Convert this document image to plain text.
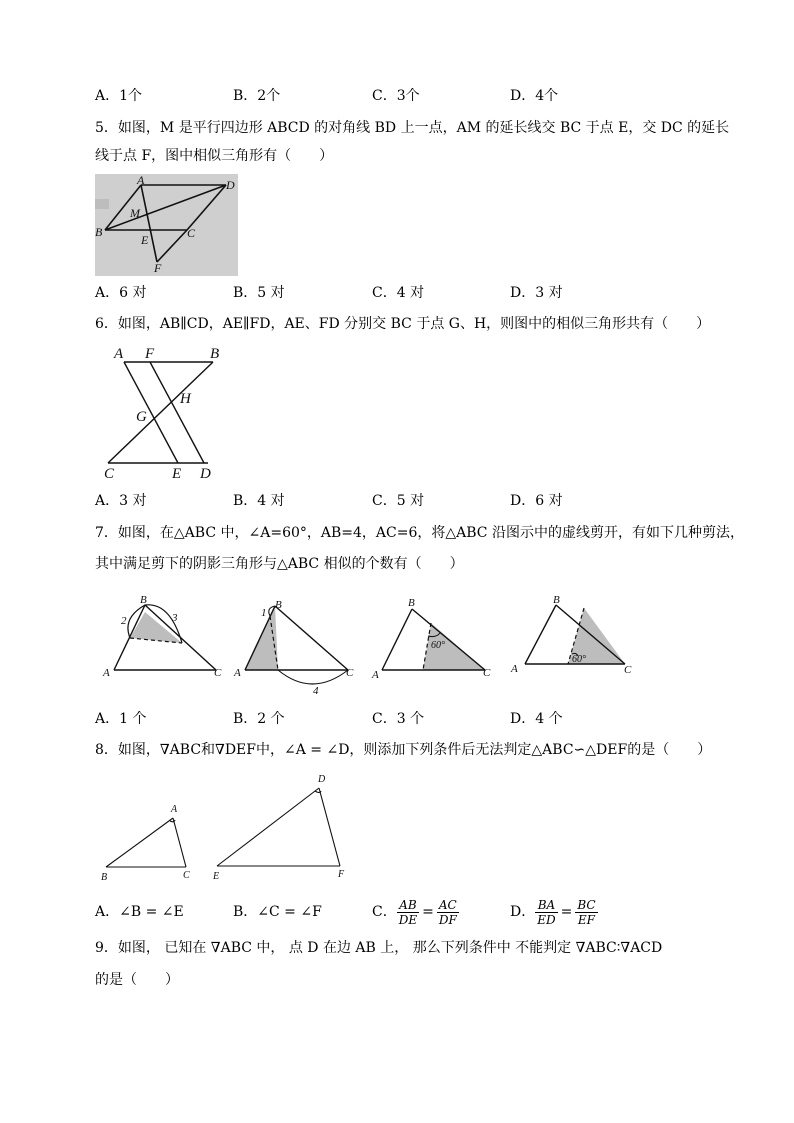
A．1个	B．2个	C．3个	D．4个
5．如图，M 是平行四边形 ABCD 的对角线 BD 上一点，AM 的延长线交 BC 于点 E，交 DC 的延长
线于点 F，图中相似三角形有（　　）
A	D
M
B
E	C
F
A．6 对	B．5 对	C．4 对	D．3 对
6．如图，AB∥CD，AE∥FD，AE、FD 分别交 BC 于点 G、H，则图中的相似三角形共有（　　）
A F	B
H
G
C	E D
A．3 对	B．4 对	C．5 对	D．6 对
7．如图，在△ABC 中，∠A=60°，AB=4，AC=6，将△ABC 沿图示中的虚线剪开，有如下几种剪法，
其中满足剪下的阴影三角形与△ABC 相似的个数有（　　）
B
2	3
A	C
1
B
A	C
4
B
60°
A	C
B
60°
A	C
A．1 个	B．2 个	C．3 个	D．4 个
8．如图，∇ABC和∇DEF中，∠A = ∠D，则添加下列条件后无法判定△ABC∽△DEF的是（　　）
A
B	C
D
E	F
A．∠B = ∠E	B．∠C = ∠F	C． $\frac{AB}{DE} = \frac{AC}{DF}$	D． $\frac{BA}{ED} = \frac{BC}{EF}$
9．如图， 已知在 ∇ABC 中， 点 D 在边 AB 上， 那么下列条件中 不能判定 ∇ABC∶∇ACD
的是（　　）
